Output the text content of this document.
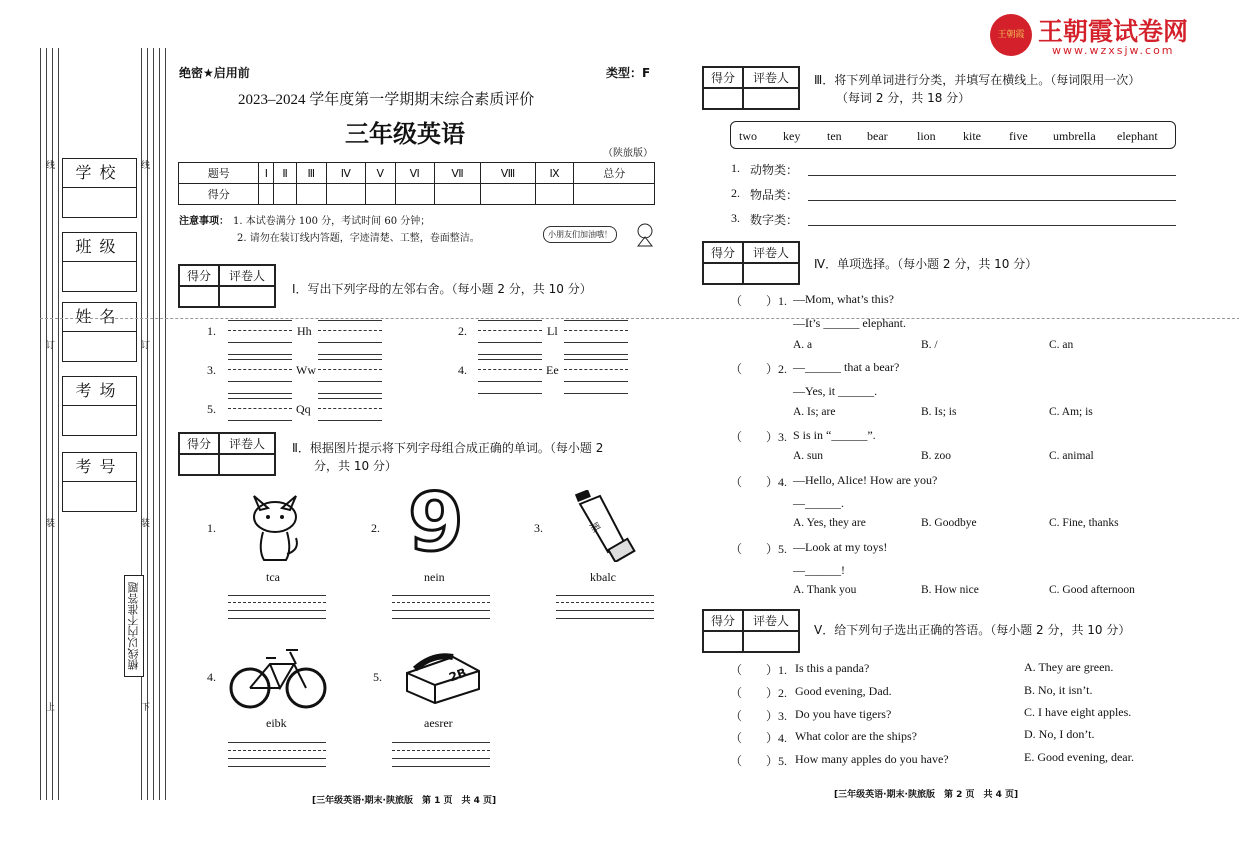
学校
班级
姓名
考场
考号
横线以内不准答题
线	线
订	订
装	装
上	下
王朝霞 王朝霞试卷网
www.wzxsjw.com
绝密★启用前	类型：F
2023–2024 学年度第一学期期末综合素质评价
三年级英语
（陕旅版）
题号	Ⅰ	Ⅱ	Ⅲ	Ⅳ	Ⅴ	Ⅵ	Ⅶ	Ⅷ	Ⅸ	总分
得分										
注意事项： 1. 本试卷满分 100 分，考试时间 60 分钟；
2. 请勿在装订线内答题，字迹清楚、工整，卷面整洁。	小朋友们加油哦！
得分	评卷人
Ⅰ．写出下列字母的左邻右舍。（每小题 2 分，共 10 分）
1.	Hh	2.	Ll
3.	Ww	4.	Ee
5.	Qq
得分	评卷人	Ⅱ．根据图片提示将下列字母组合成正确的单词。（每小题 2
分，共 10 分）
1.
tca
2. 9
nein
3.	黑
kbalc
4.
eibk
5.	2B
aesrer
[三年级英语·期末·陕旅版　第 1 页　共 4 页]
得分	评卷人	Ⅲ．将下列单词进行分类，并填写在横线上。（每词限用一次）
（每词 2 分，共 18 分）
two key ten bear lion kite five umbrella elephant
1. 动物类：
2. 物品类：
3. 数字类：
得分	评卷人
Ⅳ．单项选择。（每小题 2 分，共 10 分）
（　　）1. —Mom, what’s this?
—It’s ______ elephant.
A. a	B. /	C. an
（　　）2. —______ that a bear?
—Yes, it ______.
A. Is; are	B. Is; is	C. Am; is
（　　）3. S is in “______”.
A. sun	B. zoo	C. animal
（　　）4. —Hello, Alice! How are you?
—______.
A. Yes, they are	B. Goodbye	C. Fine, thanks
（　　）5. —Look at my toys!
—______!
A. Thank you	B. How nice	C. Good afternoon
得分	评卷人
Ⅴ．给下列句子选出正确的答语。（每小题 2 分，共 10 分）
（　　）1. Is this a panda?	A. They are green.
（　　）2. Good evening, Dad.	B. No, it isn’t.
（　　）3. Do you have tigers?	C. I have eight apples.
（　　）4. What color are the ships?	D. No, I don’t.
（　　）5. How many apples do you have?	E. Good evening, dear.
[三年级英语·期末·陕旅版　第 2 页　共 4 页]
